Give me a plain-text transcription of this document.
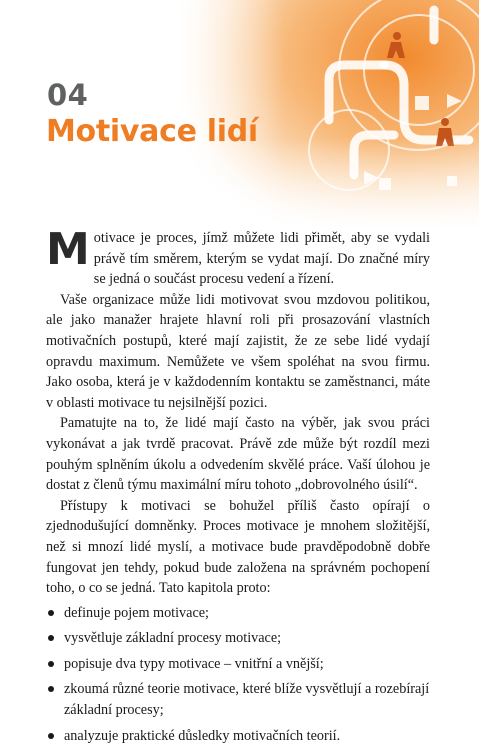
04
Motivace lidí

Motivace je proces, jímž můžete lidi přimět, aby se vydali právě tím směrem, kterým se vydat mají. Do značné míry se jedná o součást procesu vedení a řízení.

Vaše organizace může lidi motivovat svou mzdovou politikou, ale jako manažer hrajete hlavní roli při prosazování vlastních motivačních postupů, které mají zajistit, že ze sebe lidé vydají opravdu maximum. Nemůžete ve všem spoléhat na svou firmu. Jako osoba, která je v každodenním kontaktu se zaměstnanci, máte v oblasti motivace tu nejsilnější pozici.

Pamatujte na to, že lidé mají často na výběr, jak svou práci vykonávat a jak tvrdě pracovat. Právě zde může být rozdíl mezi pouhým splněním úkolu a odvedením skvělé práce. Vaší úlohou je dostat z členů týmu maximální míru tohoto „dobrovolného úsilí“.

Přístupy k motivaci se bohužel příliš často opírají o zjednodušující domněnky. Proces motivace je mnohem složitější, než si mnozí lidé myslí, a motivace bude pravděpodobně dobře fungovat jen tehdy, pokud bude založena na správném pochopení toho, o co se jedná. Tato kapitola proto:

definuje pojem motivace;
vysvětluje základní procesy motivace;
popisuje dva typy motivace – vnitřní a vnější;
zkoumá různé teorie motivace, které blíže vysvětlují a rozebírají základní procesy;
analyzuje praktické důsledky motivačních teorií.
